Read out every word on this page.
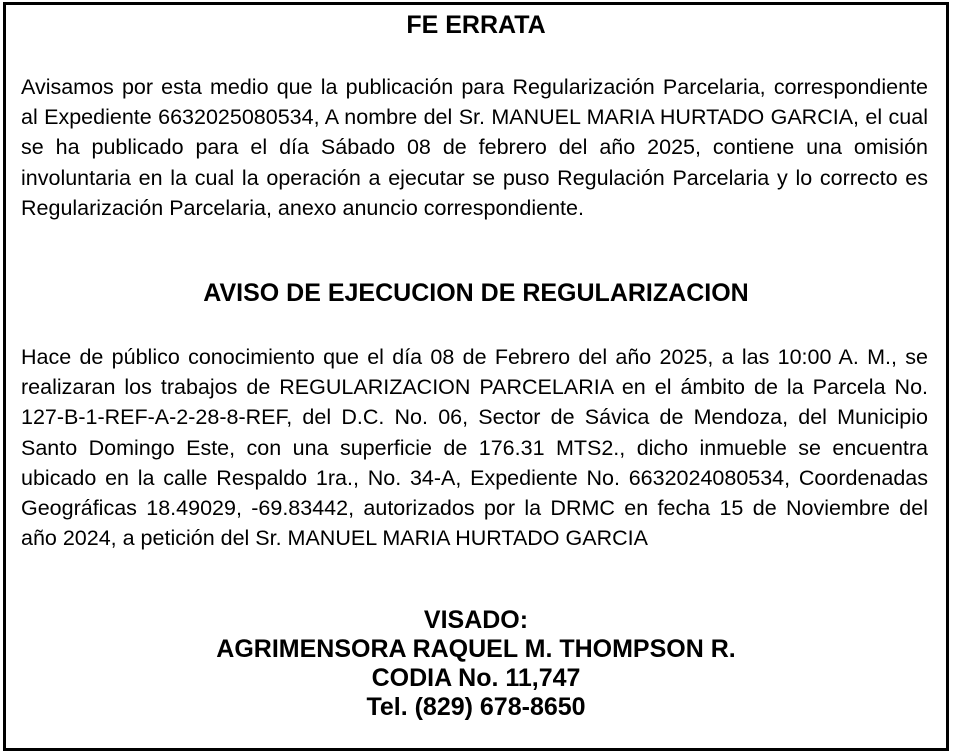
FE ERRATA

Avisamos por esta medio que la publicación para Regularización Parcelaria, correspondiente al Expediente 6632025080534, A nombre del Sr. MANUEL MARIA HURTADO GARCIA, el cual se ha publicado para el día Sábado 08 de febrero del año 2025, contiene una omisión involuntaria en la cual la operación a ejecutar se puso Regulación Parcelaria y lo correcto es Regularización Parcelaria, anexo anuncio correspondiente.

AVISO DE EJECUCION DE REGULARIZACION

Hace de público conocimiento que el día 08 de Febrero del año 2025, a las 10:00 A. M., se realizaran los trabajos de REGULARIZACION PARCELARIA en el ámbito de la Parcela No. 127-B-1-REF-A-2-28-8-REF, del D.C. No. 06, Sector de Sávica de Mendoza, del Municipio Santo Domingo Este, con una superficie de 176.31 MTS2., dicho inmueble se encuentra ubicado en la calle Respaldo 1ra., No. 34-A, Expediente No. 6632024080534, Coordenadas Geográficas 18.49029, -69.83442, autorizados por la DRMC en fecha 15 de Noviembre del año 2024, a petición del Sr. MANUEL MARIA HURTADO GARCIA

VISADO:
AGRIMENSORA RAQUEL M. THOMPSON R.
CODIA No. 11,747
Tel. (829) 678-8650
